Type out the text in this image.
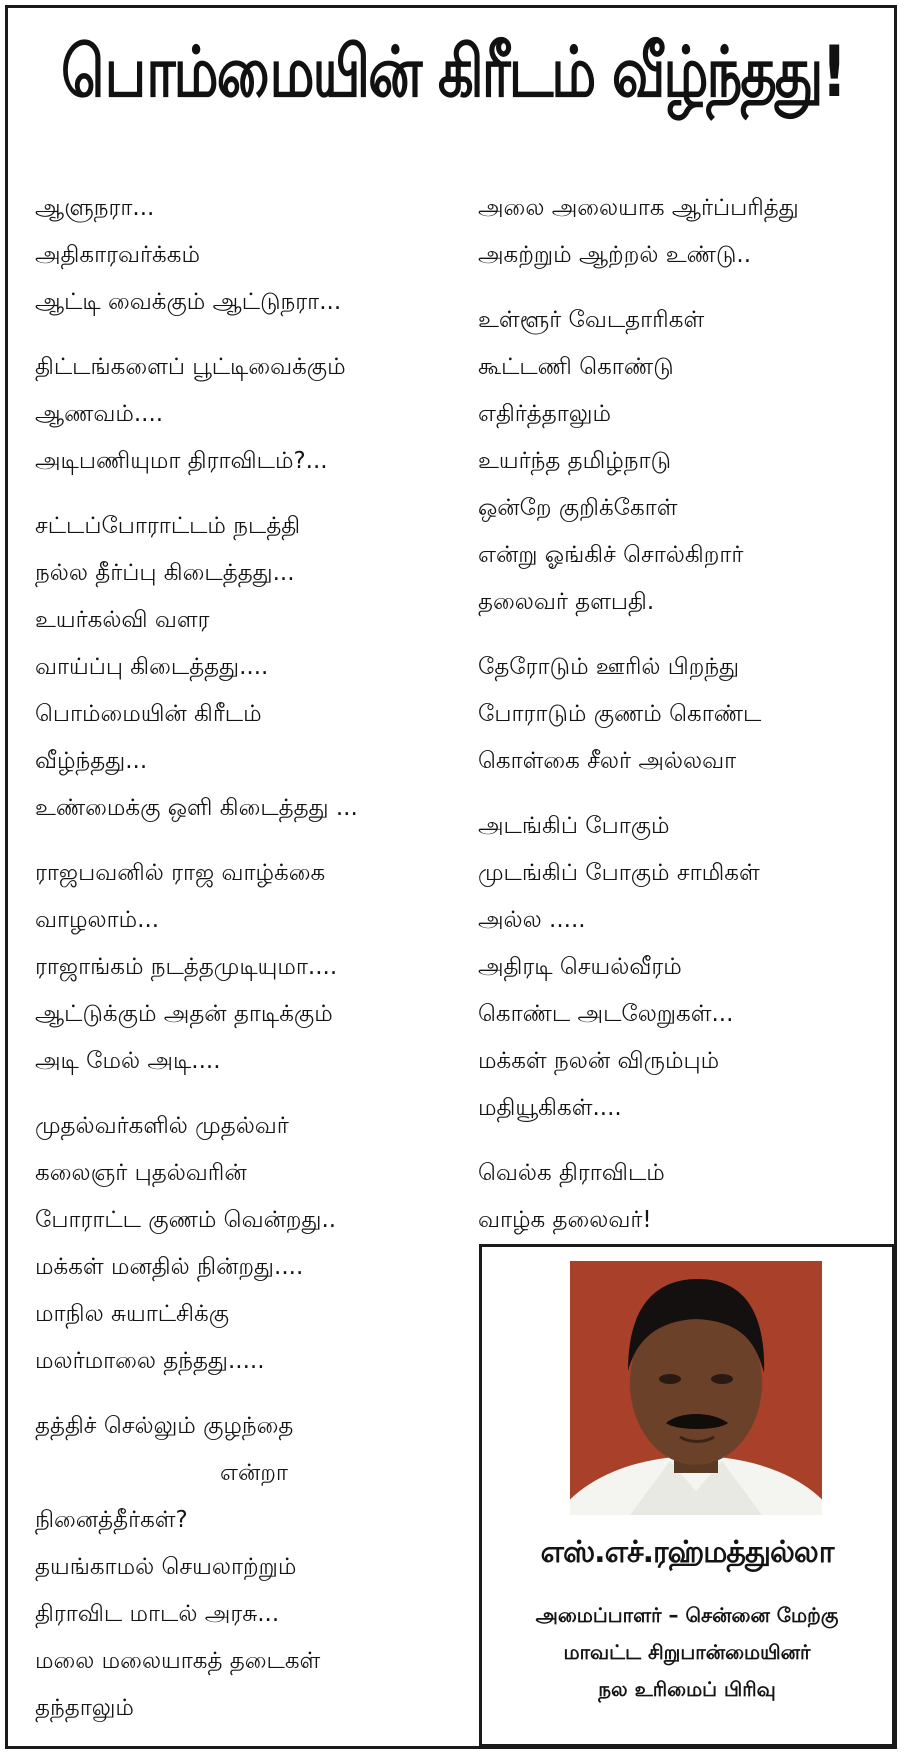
பொம்மையின் கிரீடம் வீழ்ந்தது!
ஆளுநரா...
அதிகாரவர்க்கம்
ஆட்டி வைக்கும் ஆட்டுநரா...
திட்டங்களைப் பூட்டிவைக்கும்
ஆணவம்....
அடிபணியுமா திராவிடம்?...
சட்டப்போராட்டம் நடத்தி
நல்ல தீர்ப்பு கிடைத்தது...
உயர்கல்வி வளர
வாய்ப்பு கிடைத்தது....
பொம்மையின் கிரீடம்
வீழ்ந்தது...
உண்மைக்கு ஒளி கிடைத்தது ...
ராஜபவனில் ராஜ வாழ்க்கை
வாழலாம்...
ராஜாங்கம் நடத்தமுடியுமா....
ஆட்டுக்கும் அதன் தாடிக்கும்
அடி மேல் அடி....
முதல்வர்களில் முதல்வர்
கலைஞர் புதல்வரின்
போராட்ட குணம் வென்றது..
மக்கள் மனதில் நின்றது....
மாநில சுயாட்சிக்கு
மலர்மாலை தந்தது.....
தத்திச் செல்லும் குழந்தை
என்றா
நினைத்தீர்கள்?
தயங்காமல் செயலாற்றும்
திராவிட மாடல் அரசு...
மலை மலையாகத் தடைகள்
தந்தாலும்
அலை அலையாக ஆர்ப்பரித்து
அகற்றும் ஆற்றல் உண்டு..
உள்ளூர் வேடதாரிகள்
கூட்டணி கொண்டு
எதிர்த்தாலும்
உயர்ந்த தமிழ்நாடு
ஒன்றே குறிக்கோள்
என்று ஓங்கிச் சொல்கிறார்
தலைவர் தளபதி.
தேரோடும் ஊரில் பிறந்து
போராடும் குணம் கொண்ட
கொள்கை சீலர் அல்லவா
அடங்கிப் போகும்
முடங்கிப் போகும் சாமிகள்
அல்ல .....
அதிரடி செயல்வீரம்
கொண்ட அடலேறுகள்...
மக்கள் நலன் விரும்பும்
மதியூகிகள்....
வெல்க திராவிடம்
வாழ்க தலைவர்!
எஸ்.எச்.ரஹ்மத்துல்லா
அமைப்பாளர் – சென்னை மேற்கு
மாவட்ட சிறுபான்மையினர்
நல உரிமைப் பிரிவு
